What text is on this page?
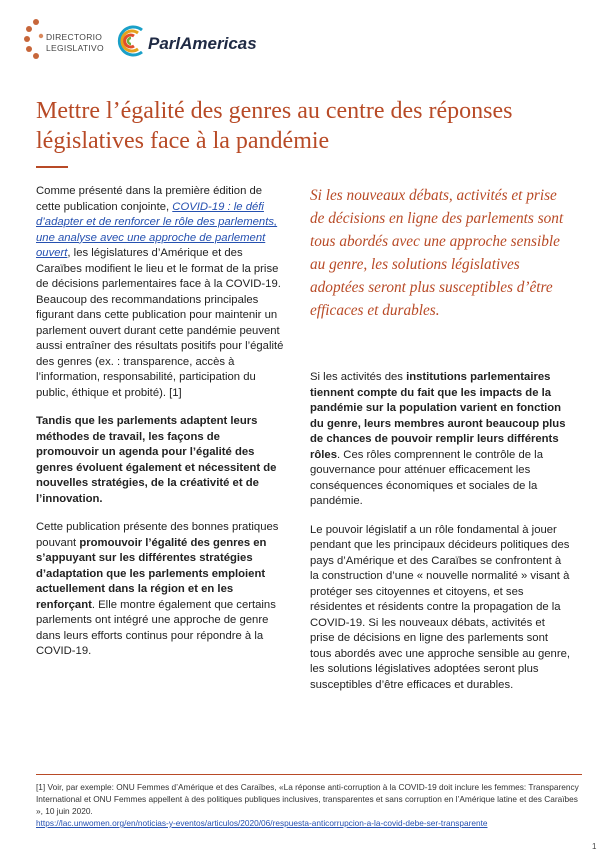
DIRECTORIO
LEGISLATIVO	ParlAmericas
Mettre l’égalité des genres au centre des réponses législatives face à la pandémie

Comme présenté dans la première édition de cette publication conjointe, COVID-19 : le défi d’adapter et de renforcer le rôle des parlements, une analyse avec une approche de parlement ouvert, les législatures d’Amérique et des Caraïbes modifient le lieu et le format de la prise de décisions parlementaires face à la COVID-19. Beaucoup des recommandations principales figurant dans cette publication pour maintenir un parlement ouvert durant cette pandémie peuvent aussi entraîner des résultats positifs pour l’égalité des genres (ex. : transparence, accès à l’information, responsabilité, participation du public, éthique et probité). [1]

Tandis que les parlements adaptent leurs méthodes de travail, les façons de promouvoir un agenda pour l’égalité des genres évoluent également et nécessitent de nouvelles stratégies, de la créativité et de l’innovation.

Cette publication présente des bonnes pratiques pouvant promouvoir l’égalité des genres en s’appuyant sur les différentes stratégies d’adaptation que les parlements emploient actuellement dans la région et en les renforçant. Elle montre également que certains parlements ont intégré une approche de genre dans leurs efforts continus pour répondre à la COVID-19.

Si les nouveaux débats, activités et prise de décisions en ligne des parlements sont tous abordés avec une approche sensible au genre, les solutions législatives adoptées seront plus susceptibles d’être efficaces et durables.

Si les activités des institutions parlementaires tiennent compte du fait que les impacts de la pandémie sur la population varient en fonction du genre, leurs membres auront beaucoup plus de chances de pouvoir remplir leurs différents rôles. Ces rôles comprennent le contrôle de la gouvernance pour atténuer efficacement les conséquences économiques et sociales de la pandémie.

Le pouvoir législatif a un rôle fondamental à jouer pendant que les principaux décideurs politiques des pays d’Amérique et des Caraïbes se confrontent à la construction d’une « nouvelle normalité » visant à protéger ses citoyennes et citoyens, et ses résidentes et résidents contre la propagation de la COVID-19. Si les nouveaux débats, activités et prise de décisions en ligne des parlements sont tous abordés avec une approche sensible au genre, les solutions législatives adoptées seront plus susceptibles d’être efficaces et durables.

[1] Voir, par exemple: ONU Femmes d’Amérique et des Caraïbes, «La réponse anti-corruption à la COVID-19 doit inclure les femmes: Transparency International et ONU Femmes appellent à des politiques publiques inclusives, transparentes et sans corruption en l’Amérique latine et des Caraïbes », 10 juin 2020.
https://lac.unwomen.org/en/noticias-y-eventos/articulos/2020/06/respuesta-anticorrupcion-a-la-covid-debe-ser-transparente
1
